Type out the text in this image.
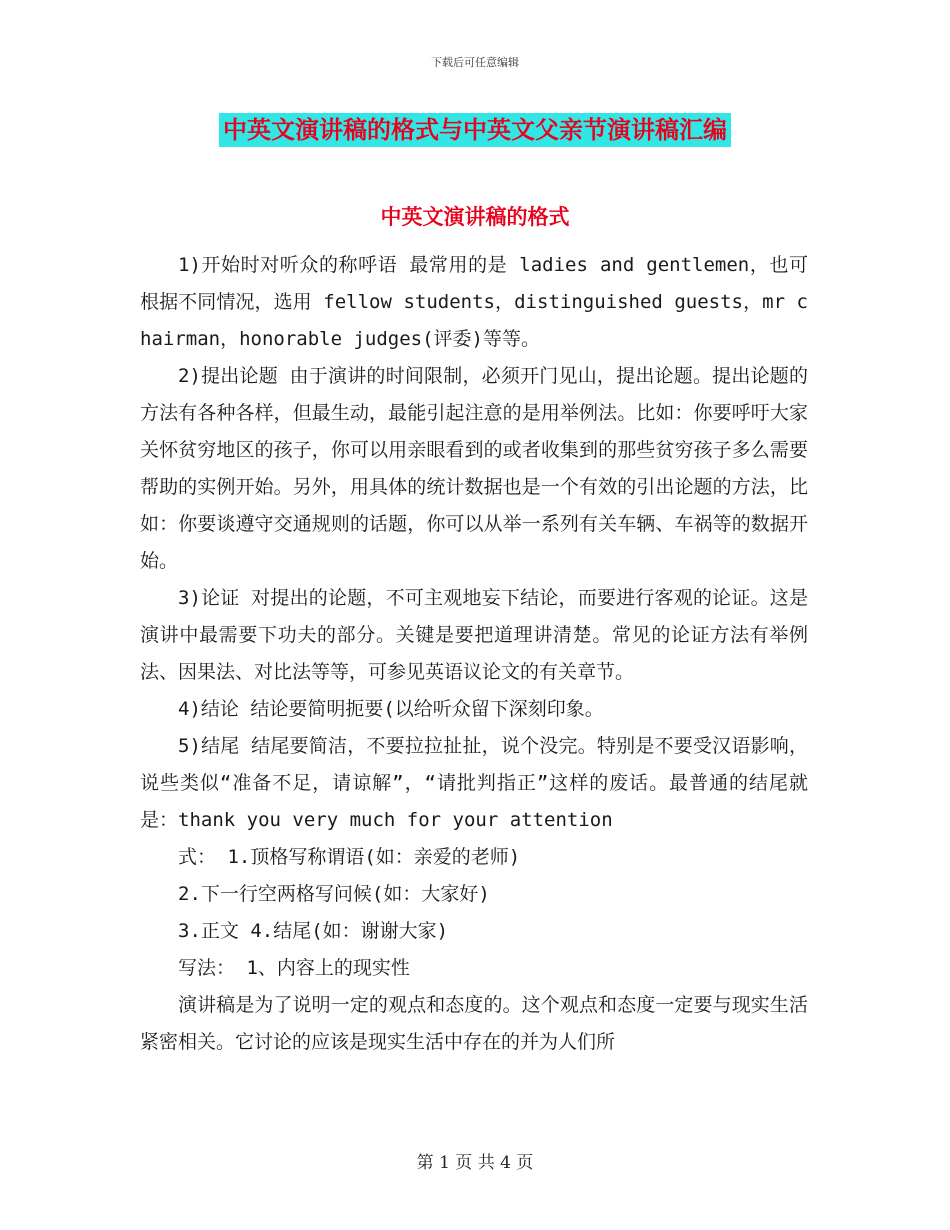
下载后可任意编辑
中英文演讲稿的格式与中英文父亲节演讲稿汇编
中英文演讲稿的格式

1)开始时对听众的称呼语 最常用的是 ladies and gentlemen，也可根据不同情况，选用 fellow students，distinguished guests，mr chairman，honorable judges(评委)等等。

2)提出论题 由于演讲的时间限制，必须开门见山，提出论题。提出论题的方法有各种各样，但最生动，最能引起注意的是用举例法。比如：你要呼吁大家关怀贫穷地区的孩子，你可以用亲眼看到的或者收集到的那些贫穷孩子多么需要帮助的实例开始。另外，用具体的统计数据也是一个有效的引出论题的方法，比如：你要谈遵守交通规则的话题，你可以从举一系列有关车辆、车祸等的数据开始。

3)论证 对提出的论题，不可主观地妄下结论，而要进行客观的论证。这是演讲中最需要下功夫的部分。关键是要把道理讲清楚。常见的论证方法有举例法、因果法、对比法等等，可参见英语议论文的有关章节。

4)结论 结论要简明扼要(以给听众留下深刻印象。

5)结尾 结尾要简洁，不要拉拉扯扯，说个没完。特别是不要受汉语影响，说些类似“准备不足，请谅解”，“请批判指正”这样的废话。最普通的结尾就是：thank you very much for your attention

式： 1.顶格写称谓语(如：亲爱的老师)

2.下一行空两格写问候(如：大家好)

3.正文 4.结尾(如：谢谢大家)

写法： 1、内容上的现实性

演讲稿是为了说明一定的观点和态度的。这个观点和态度一定要与现实生活紧密相关。它讨论的应该是现实生活中存在的并为人们所

第 1 页 共 4 页
